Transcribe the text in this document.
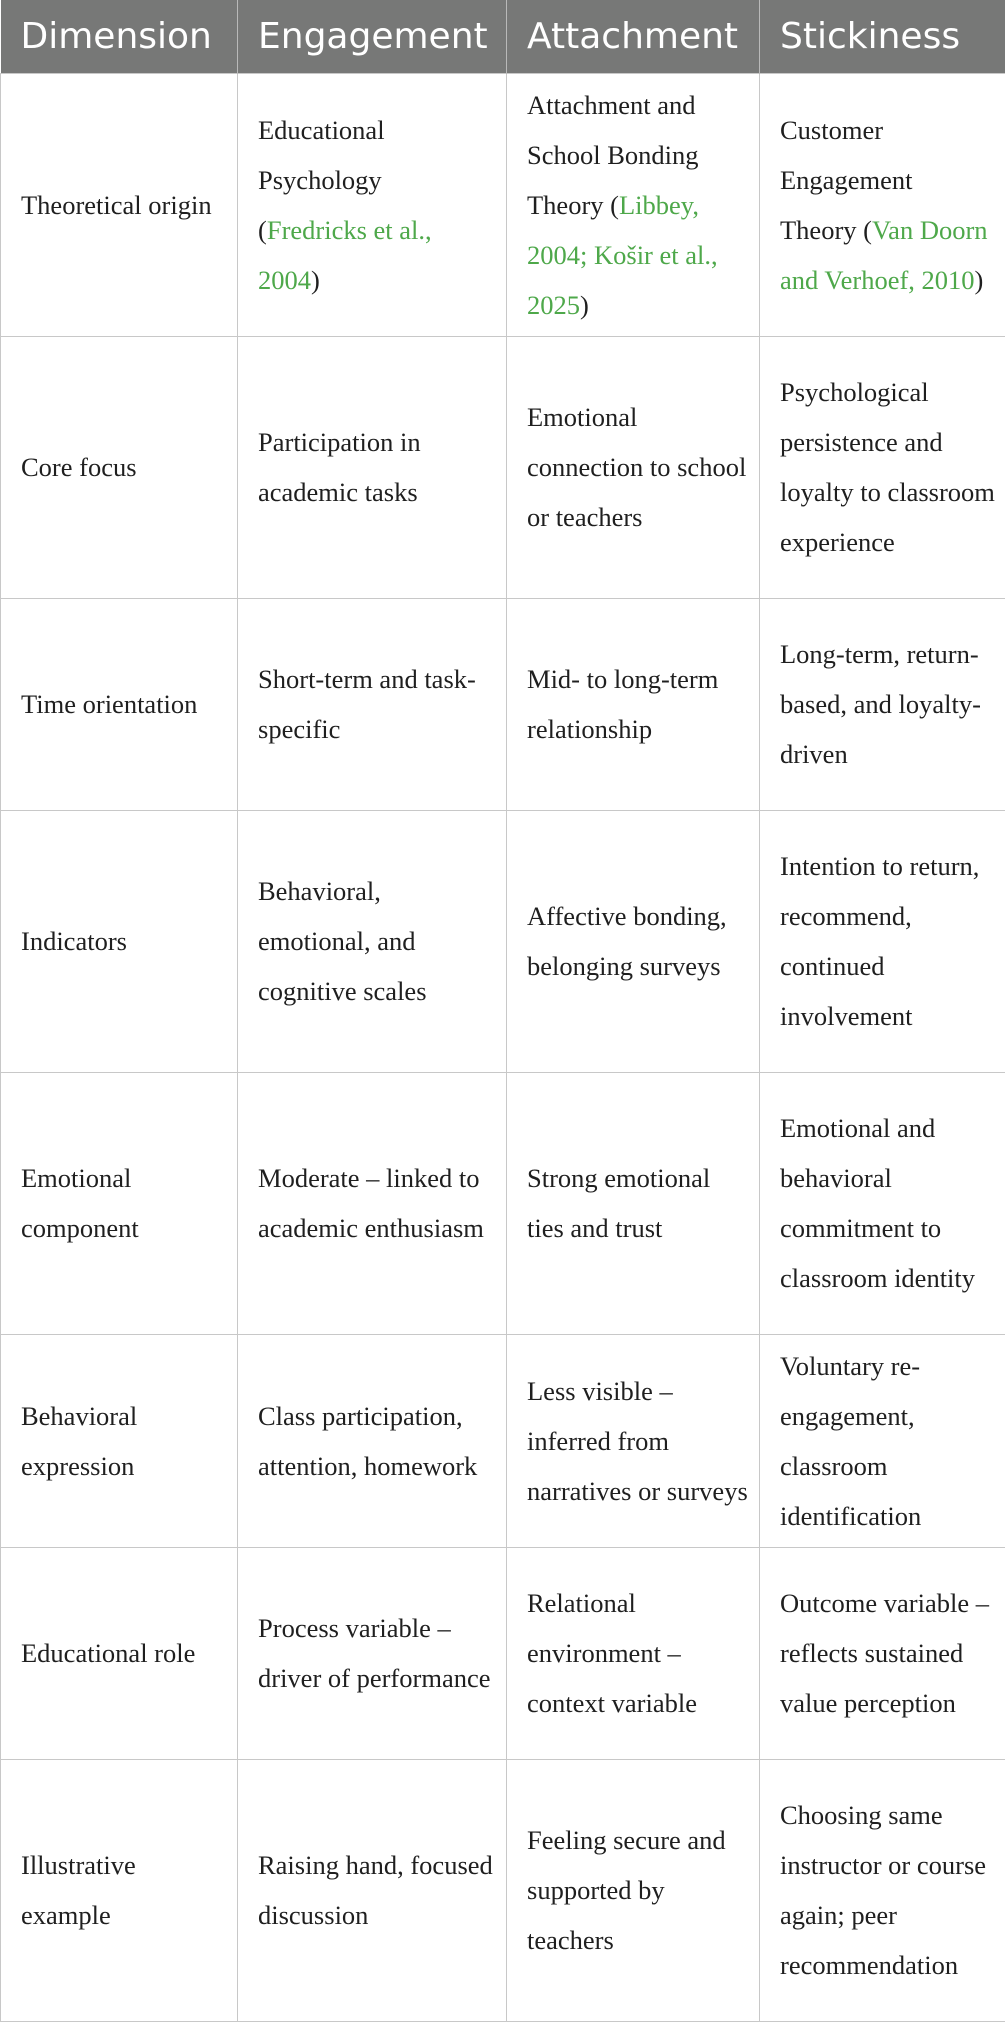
Dimension	Engagement	Attachment	Stickiness
Theoretical origin	Educational Psychology (Fredricks et al., 2004)	Attachment and School Bonding Theory (Libbey, 2004; Košir et al., 2025)	Customer Engagement Theory (Van Doorn and Verhoef, 2010)
Core focus	Participation in academic tasks	Emotional connection to school or teachers	Psychological persistence and loyalty to classroom experience
Time orientation	Short-term and task-specific	Mid- to long-term relationship	Long-term, return-based, and loyalty-driven
Indicators	Behavioral, emotional, and cognitive scales	Affective bonding, belonging surveys	Intention to return, recommend, continued involvement
Emotional component	Moderate – linked to academic enthusiasm	Strong emotional ties and trust	Emotional and behavioral commitment to classroom identity
Behavioral expression	Class participation, attention, homework	Less visible – inferred from narratives or surveys	Voluntary re-engagement, classroom identification
Educational role	Process variable – driver of performance	Relational environment – context variable	Outcome variable – reflects sustained value perception
Illustrative example	Raising hand, focused discussion	Feeling secure and supported by teachers	Choosing same instructor or course again; peer recommendation
